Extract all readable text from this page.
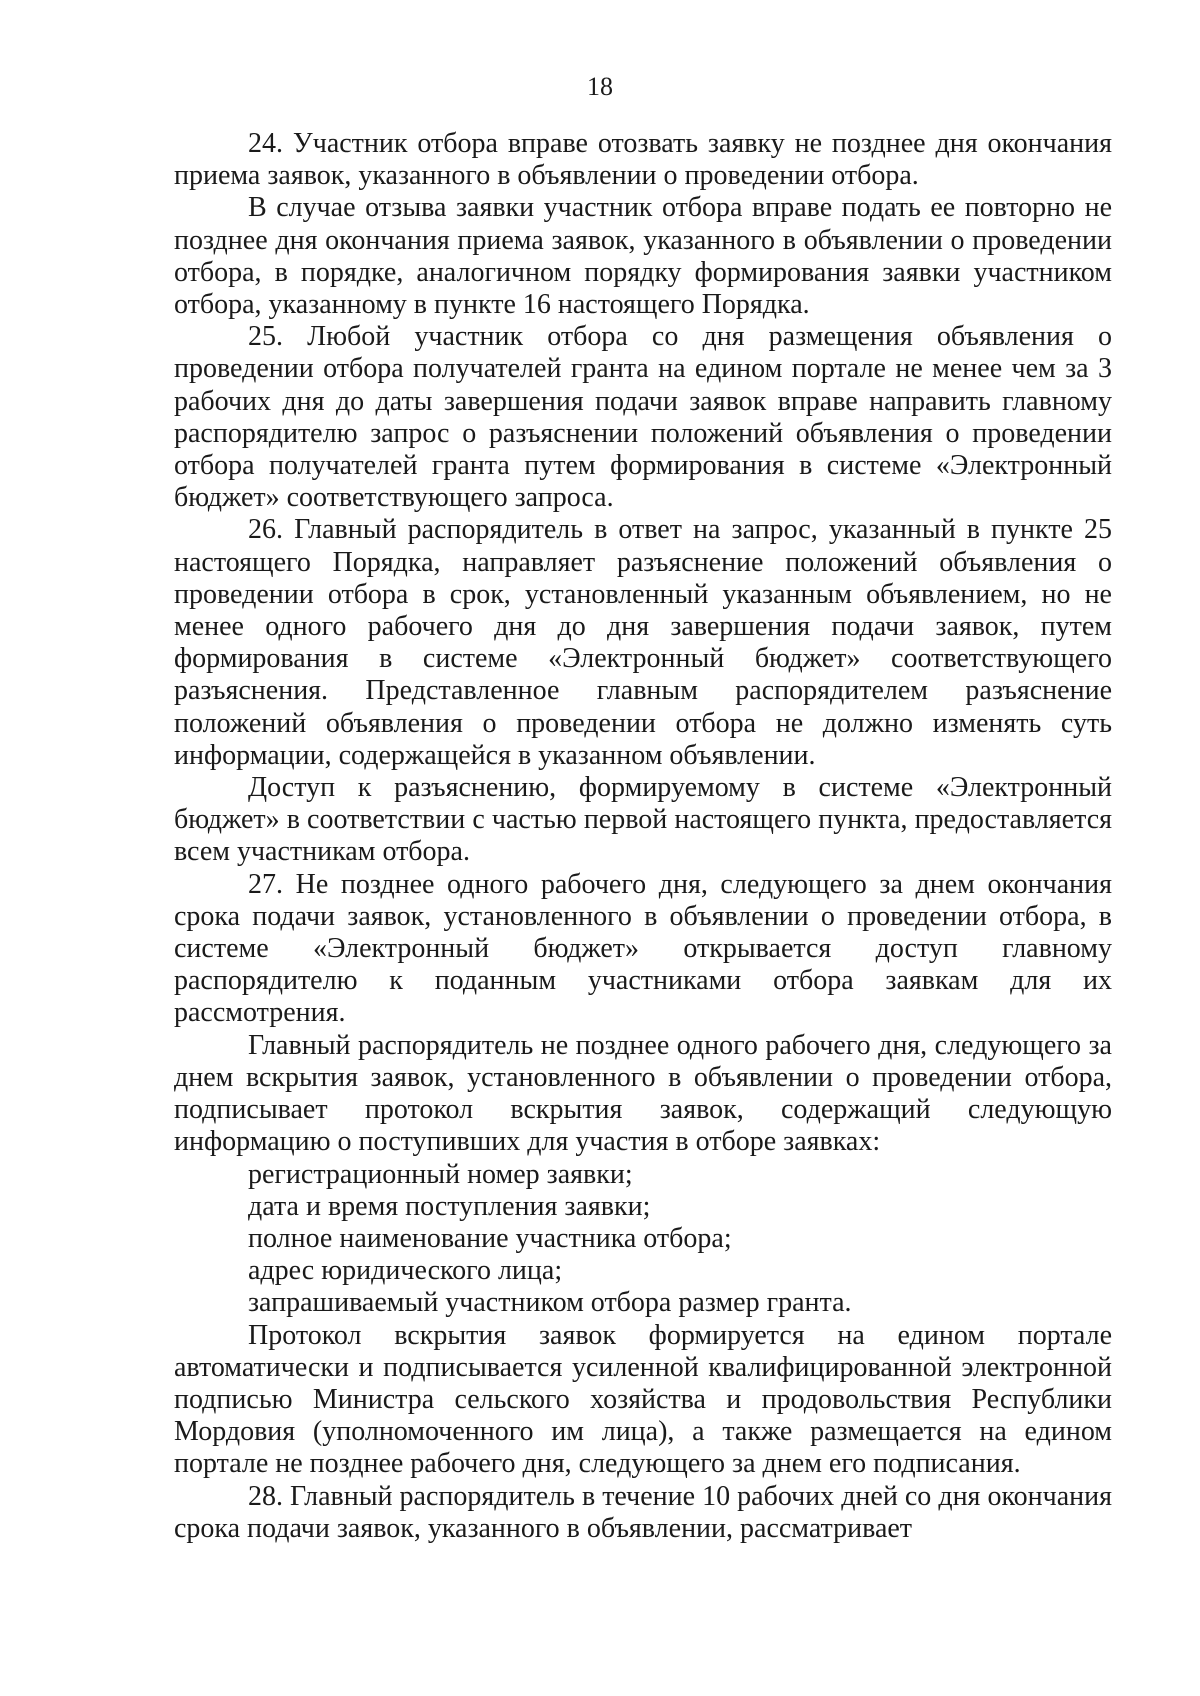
18

24. Участник отбора вправе отозвать заявку не позднее дня окончания приема заявок, указанного в объявлении о проведении отбора.

В случае отзыва заявки участник отбора вправе подать ее повторно не позднее дня окончания приема заявок, указанного в объявлении о проведении отбора, в порядке, аналогичном порядку формирования заявки участником отбора, указанному в пункте 16 настоящего Порядка.

25. Любой участник отбора со дня размещения объявления о проведении отбора получателей гранта на едином портале не менее чем за 3 рабочих дня до даты завершения подачи заявок вправе направить главному распорядителю запрос о разъяснении положений объявления о проведении отбора получателей гранта путем формирования в системе «Электронный бюджет» соответствующего запроса.

26. Главный распорядитель в ответ на запрос, указанный в пункте 25 настоящего Порядка, направляет разъяснение положений объявления о проведении отбора в срок, установленный указанным объявлением, но не менее одного рабочего дня до дня завершения подачи заявок, путем формирования в системе «Электронный бюджет» соответствующего разъяснения. Представленное главным распорядителем разъяснение положений объявления о проведении отбора не должно изменять суть информации, содержащейся в указанном объявлении.

Доступ к разъяснению, формируемому в системе «Электронный бюджет» в соответствии с частью первой настоящего пункта, предоставляется всем участникам отбора.

27. Не позднее одного рабочего дня, следующего за днем окончания срока подачи заявок, установленного в объявлении о проведении отбора, в системе «Электронный бюджет» открывается доступ главному распорядителю к поданным участниками отбора заявкам для их рассмотрения.

Главный распорядитель не позднее одного рабочего дня, следующего за днем вскрытия заявок, установленного в объявлении о проведении отбора, подписывает протокол вскрытия заявок, содержащий следующую информацию о поступивших для участия в отборе заявках:

регистрационный номер заявки;

дата и время поступления заявки;

полное наименование участника отбора;

адрес юридического лица;

запрашиваемый участником отбора размер гранта.

Протокол вскрытия заявок формируется на едином портале автоматически и подписывается усиленной квалифицированной электронной подписью Министра сельского хозяйства и продовольствия Республики Мордовия (уполномоченного им лица), а также размещается на едином портале не позднее рабочего дня, следующего за днем его подписания.

28. Главный распорядитель в течение 10 рабочих дней со дня окончания срока подачи заявок, указанного в объявлении, рассматривает
